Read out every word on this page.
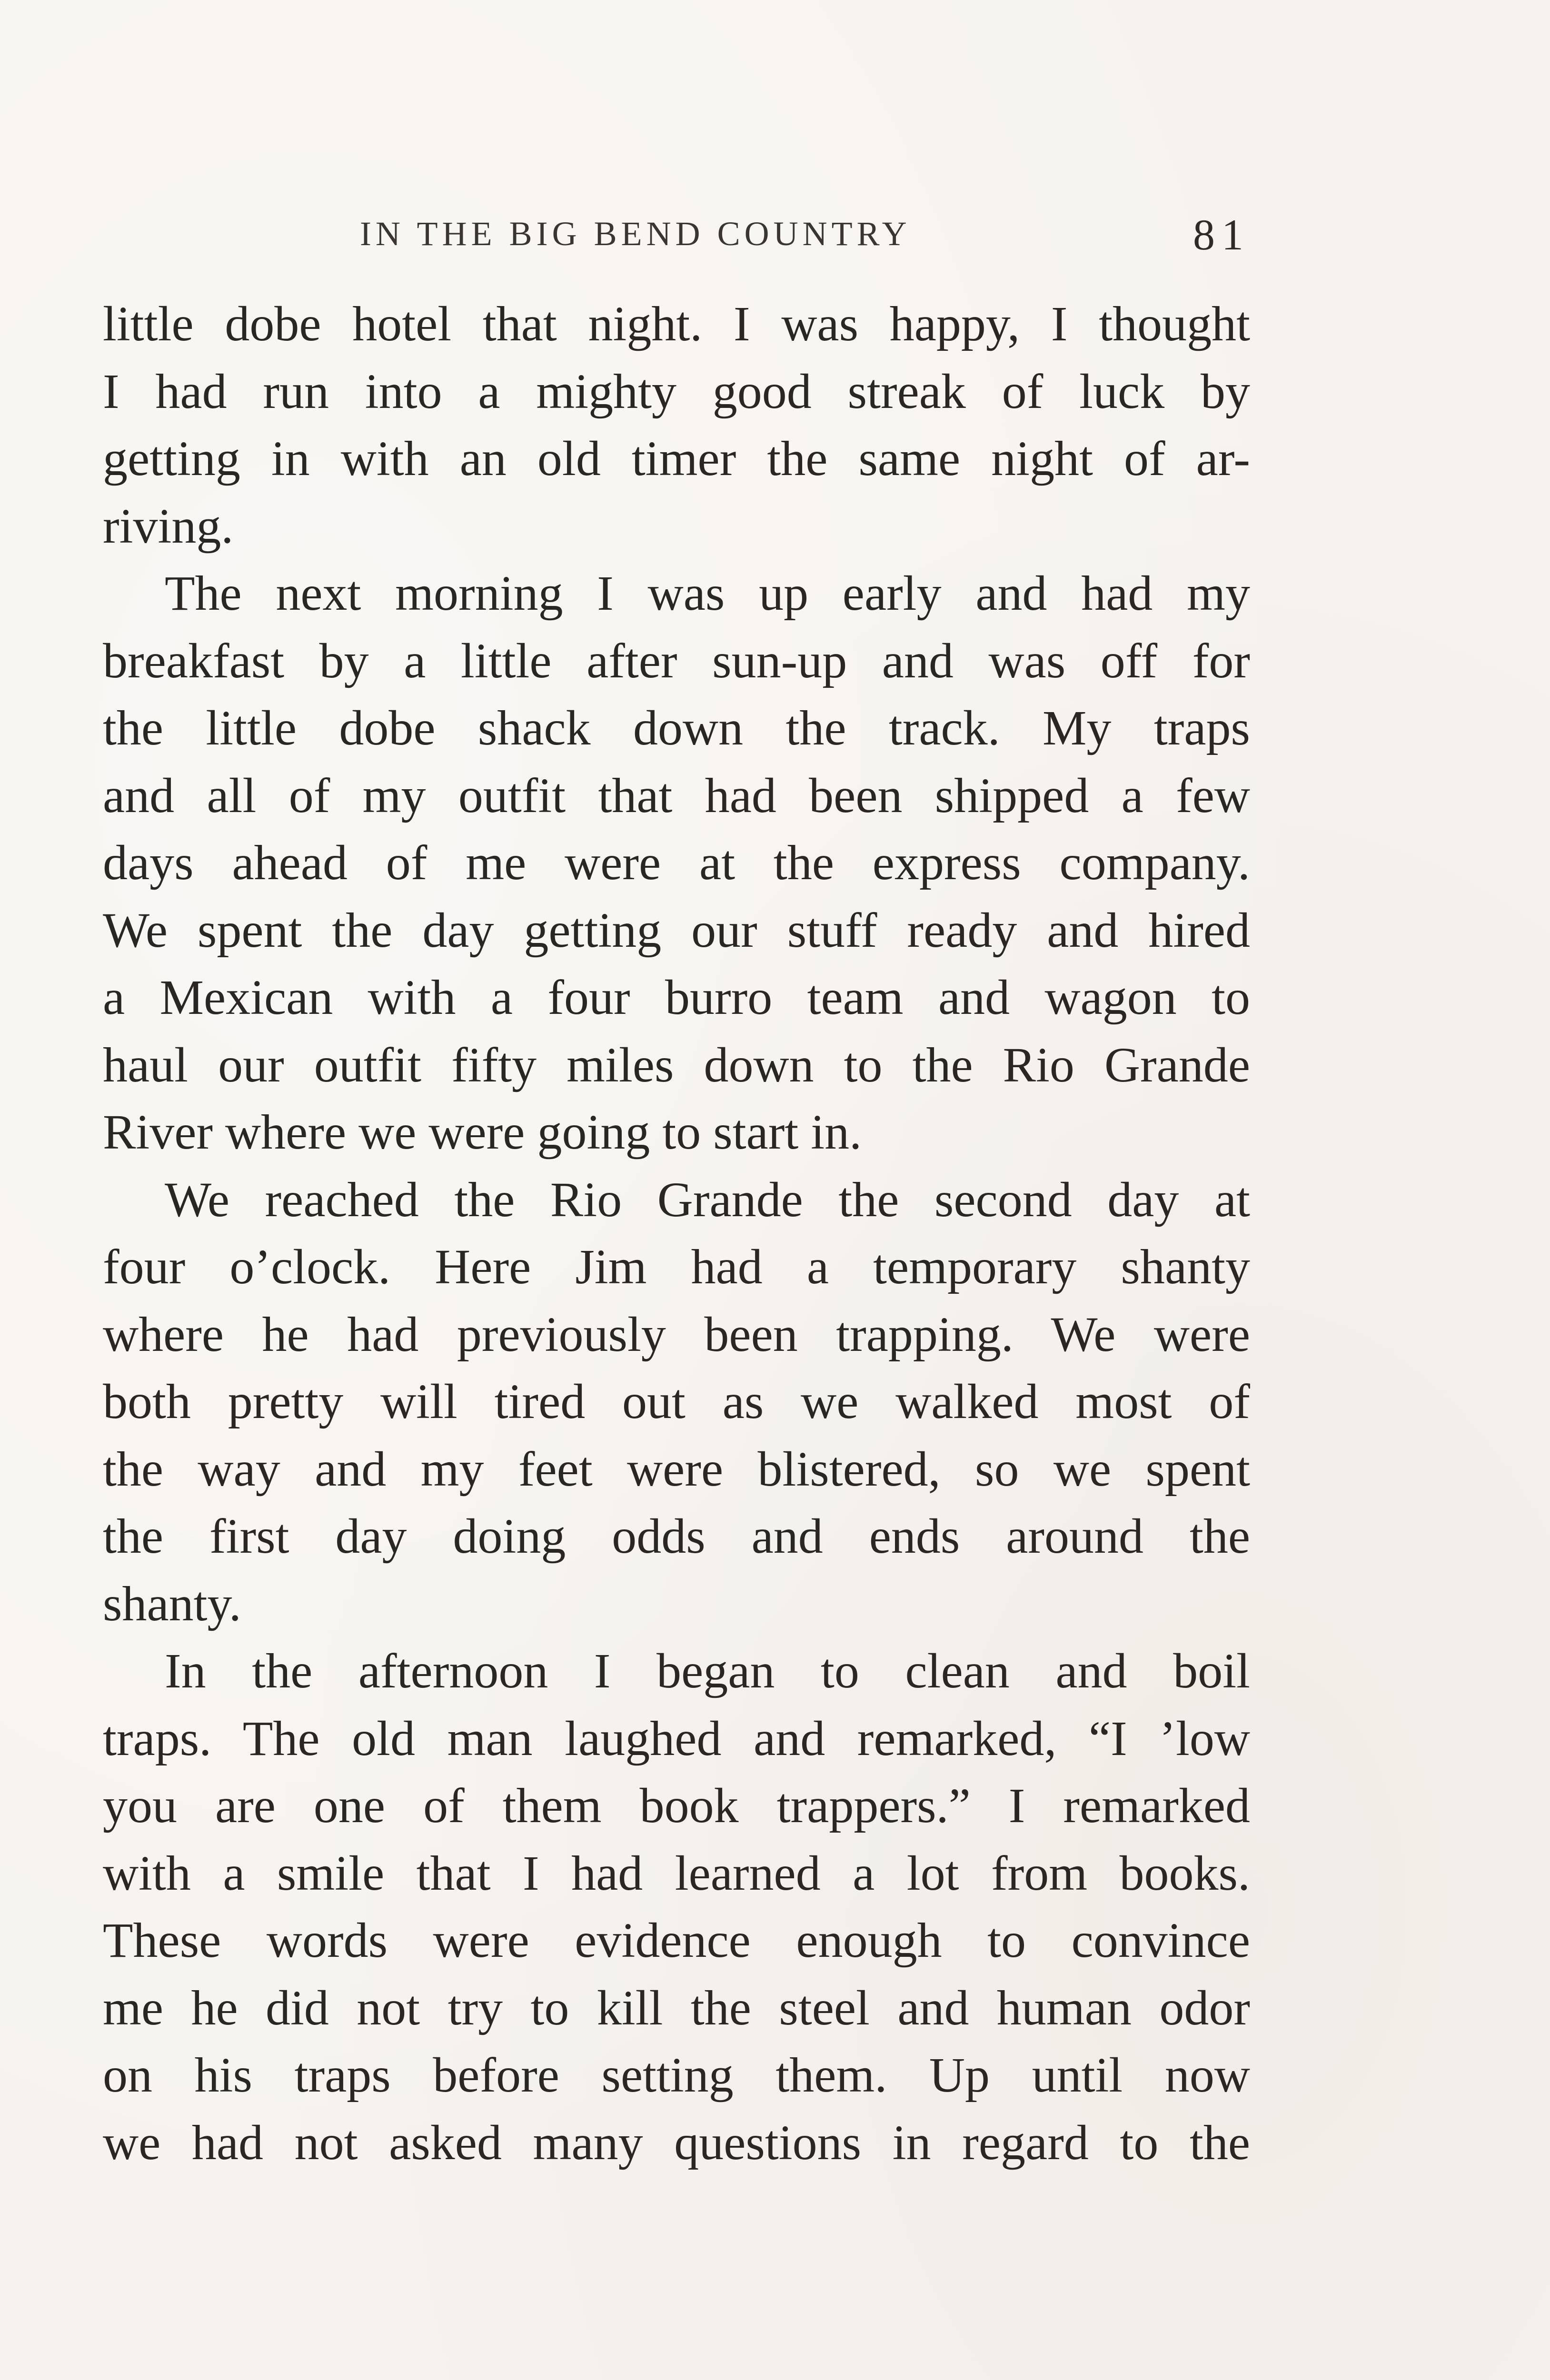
IN THE BIG BEND COUNTRY	81
little dobe hotel that night. I was happy, I thought
I had run into a mighty good streak of luck by
getting in with an old timer the same night of ar-
riving.
The next morning I was up early and had my
breakfast by a little after sun-up and was off for
the little dobe shack down the track. My traps
and all of my outfit that had been shipped a few
days ahead of me were at the express company.
We spent the day getting our stuff ready and hired
a Mexican with a four burro team and wagon to
haul our outfit fifty miles down to the Rio Grande
River where we were going to start in.
We reached the Rio Grande the second day at
four o’clock. Here Jim had a temporary shanty
where he had previously been trapping. We were
both pretty will tired out as we walked most of
the way and my feet were blistered, so we spent
the first day doing odds and ends around the
shanty.
In the afternoon I began to clean and boil
traps. The old man laughed and remarked, “I ’low
you are one of them book trappers.” I remarked
with a smile that I had learned a lot from books.
These words were evidence enough to convince
me he did not try to kill the steel and human odor
on his traps before setting them. Up until now
we had not asked many questions in regard to the
